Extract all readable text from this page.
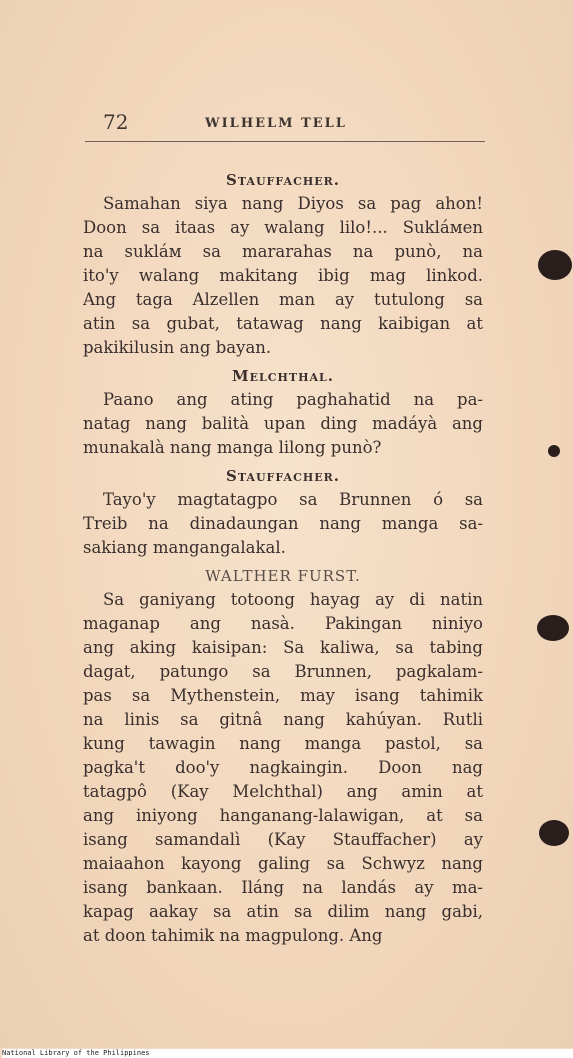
72	WILHELM TELL
Stauffacher.
Samahan siya nang Diyos sa pag ahon!
Doon sa itaas ay walang lilo!... Sukláмеn
na sukláм sa mararahas na punò, na
ito'y walang makitang ibig mag linkod.
Ang taga Alzellen man ay tutulong sa
atin sa gubat, tatawag nang kaibigan at
pakikilusin ang bayan.
Melchthal.
Paano ang ating paghahatid na pa-
natag nang balità upan ding madáyà ang
munakalà nang manga lilong punò?
Stauffacher.
Tayo'y magtatagpo sa Brunnen ó sa
Treib na dinadaungan nang manga sa-
sakiang mangangalakal.
WALTHER FURST.
Sa ganiyang totoong hayag ay di natin
maganap ang nasà. Pakingan niniyo
ang aking kaisipan: Sa kaliwa, sa tabing
dagat, patungo sa Brunnen, pagkalam-
pas sa Mythenstein, may isang tahimik
na linis sa gitnâ nang kahúyan. Rutli
kung tawagin nang manga pastol, sa
pagka't doo'y nagkaingin. Doon nag
tatagpô (Kay Melchthal) ang amin at
ang iniyong hanganang-lalawigan, at sa
isang samandalì (Kay Stauffacher) ay
maiaahon kayong galing sa Schwyz nang
isang bankaan. Iláng na landás ay ma-
kapag aakay sa atin sa dilim nang gabi,
at doon tahimik na magpulong. Ang
National Library of the Philippines
